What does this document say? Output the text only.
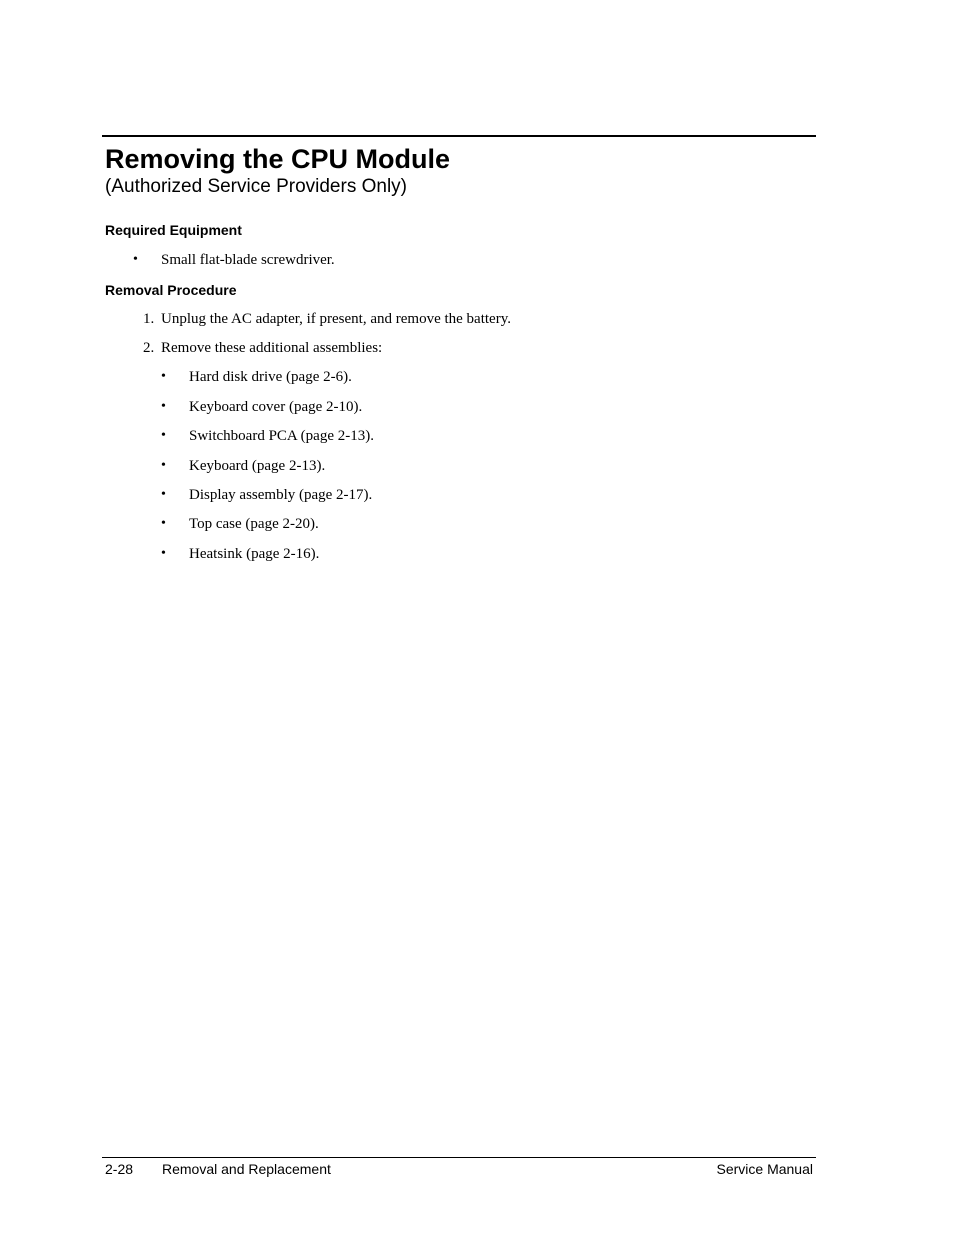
Removing the CPU Module
(Authorized Service Providers Only)
Required Equipment
• Small flat-blade screwdriver.
Removal Procedure
1. Unplug the AC adapter, if present, and remove the battery.
2. Remove these additional assemblies:
• Hard disk drive (page 2-6).
• Keyboard cover (page 2-10).
• Switchboard PCA (page 2-13).
• Keyboard (page 2-13).
• Display assembly (page 2-17).
• Top case (page 2-20).
• Heatsink (page 2-16).
2-28 Removal and Replacement	Service Manual
